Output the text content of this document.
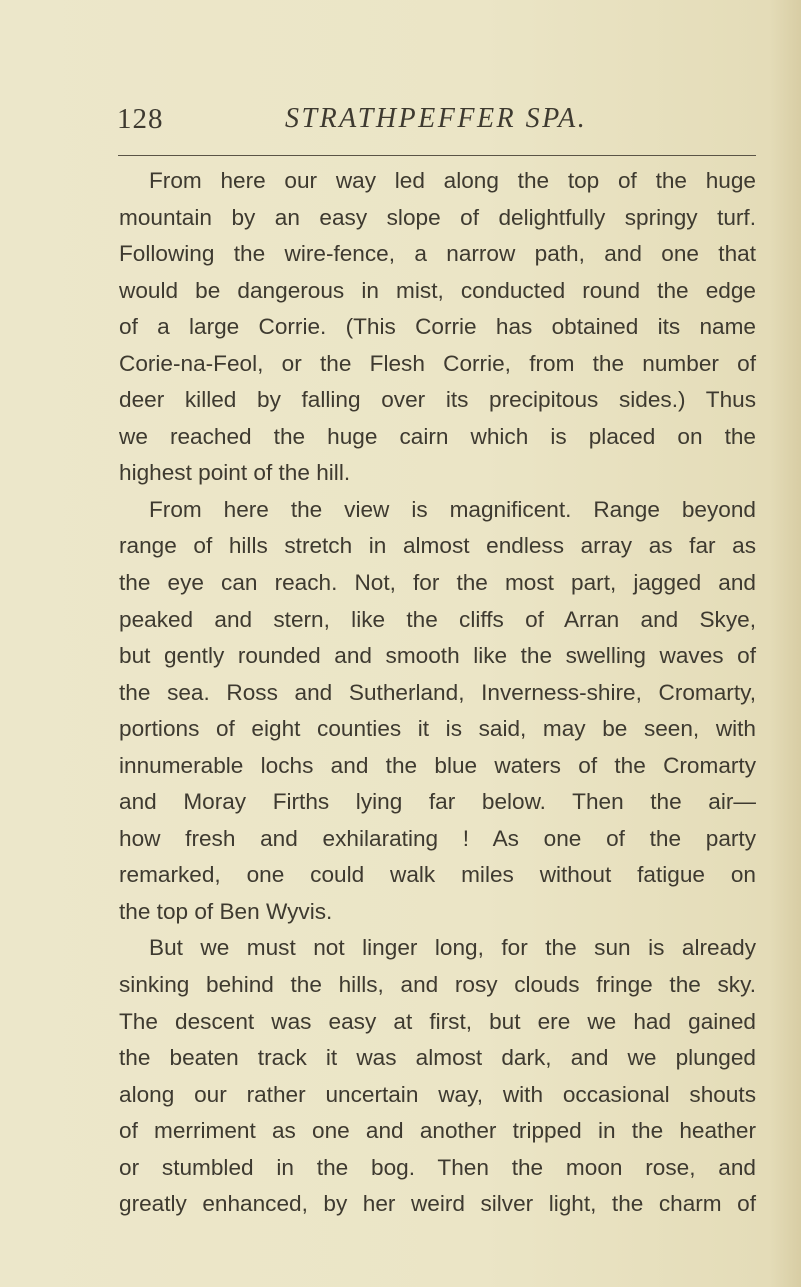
128	STRATHPEFFER SPA.
From here our way led along the top of the huge
mountain by an easy slope of delightfully springy turf.
Following the wire-fence, a narrow path, and one that
would be dangerous in mist, conducted round the edge
of a large Corrie. (This Corrie has obtained its name
Corie-na-Feol, or the Flesh Corrie, from the number of
deer killed by falling over its precipitous sides.) Thus
we reached the huge cairn which is placed on the
highest point of the hill.
From here the view is magnificent. Range beyond
range of hills stretch in almost endless array as far as
the eye can reach. Not, for the most part, jagged and
peaked and stern, like the cliffs of Arran and Skye,
but gently rounded and smooth like the swelling waves of
the sea. Ross and Sutherland, Inverness-shire, Cromarty,
portions of eight counties it is said, may be seen, with
innumerable lochs and the blue waters of the Cromarty
and Moray Firths lying far below. Then the air—
how fresh and exhilarating ! As one of the party
remarked, one could walk miles without fatigue on
the top of Ben Wyvis.
But we must not linger long, for the sun is already
sinking behind the hills, and rosy clouds fringe the sky.
The descent was easy at first, but ere we had gained
the beaten track it was almost dark, and we plunged
along our rather uncertain way, with occasional shouts
of merriment as one and another tripped in the heather
or stumbled in the bog. Then the moon rose, and
greatly enhanced, by her weird silver light, the charm of
